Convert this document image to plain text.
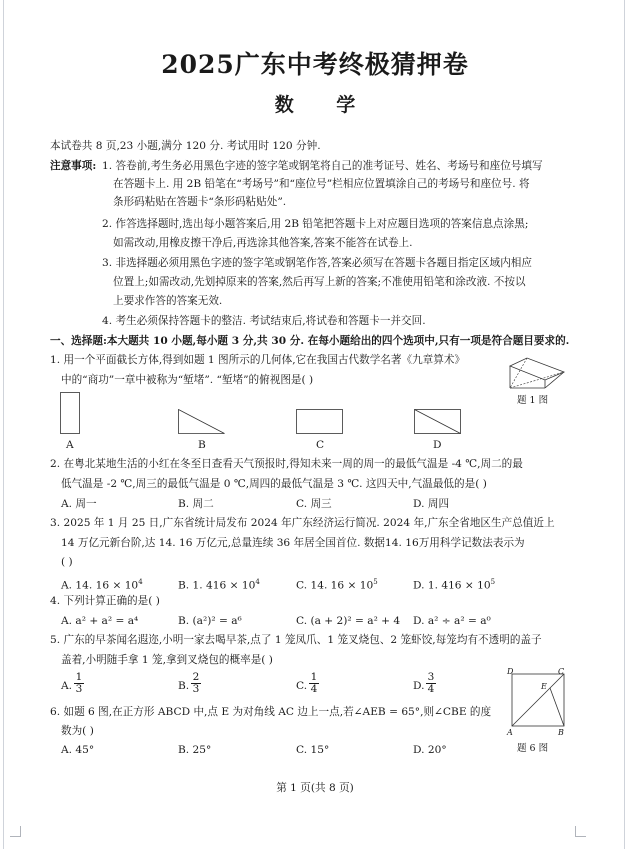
2025广东中考终极猜押卷
数 学
本试卷共 8 页,23 小题,满分 120 分. 考试用时 120 分钟.
注意事项: 1. 答卷前,考生务必用黑色字迹的签字笔或钢笔将自己的准考证号、姓名、考场号和座位号填写
在答题卡上. 用 2B 铅笔在“考场号”和“座位号”栏相应位置填涂自己的考场号和座位号. 将
条形码粘贴在答题卡“条形码粘贴处”.
2. 作答选择题时,选出每小题答案后,用 2B 铅笔把答题卡上对应题目选项的答案信息点涂黑;
如需改动,用橡皮擦干净后,再选涂其他答案,答案不能答在试卷上.
3. 非选择题必须用黑色字迹的签字笔或钢笔作答,答案必须写在答题卡各题目指定区域内相应
位置上;如需改动,先划掉原来的答案,然后再写上新的答案;不准使用铅笔和涂改液. 不按以
上要求作答的答案无效.
4. 考生必须保持答题卡的整洁. 考试结束后,将试卷和答题卡一并交回.
一、选择题:本大题共 10 小题,每小题 3 分,共 30 分. 在每小题给出的四个选项中,只有一项是符合题目要求的.
1. 用一个平面截长方体,得到如题 1 图所示的几何体,它在我国古代数学名著《九章算术》
中的“商功”一章中被称为“堑堵”. “堑堵”的俯视图是( )
题 1 图
A	B	C	D
2. 在粤北某地生活的小红在冬至日查看天气预报时,得知未来一周的周一的最低气温是 -4 ℃,周二的最
低气温是 -2 ℃,周三的最低气温是 0 ℃,周四的最低气温是 3 ℃. 这四天中,气温最低的是( )
A. 周一	B. 周二	C. 周三	D. 周四
3. 2025 年 1 月 25 日,广东省统计局发布 2024 年广东经济运行简况. 2024 年,广东全省地区生产总值近上
14 万亿元新台阶,达 14. 16 万亿元,总量连续 36 年居全国首位. 数据14. 16万用科学记数法表示为
( )
A. 14. $16 \times 10^4$	B. 1. $416 \times 10^4$	C. 14. $16 \times 10^5$	D. 1. $416 \times 10^5$
4. 下列计算正确的是( )
A. a² + a² = a⁴	B. (a²)² = a⁶	C. (a + 2)² = a² + 4 D. a² ÷ a² = a⁰
5. 广东的早茶闻名遐迩,小明一家去喝早茶,点了 1 笼凤爪、1 笼叉烧包、2 笼虾饺,每笼均有不透明的盖子
盖着,小明随手拿 1 笼,拿到叉烧包的概率是( )
A.
1
3	B.
2
3	C.
1
4	D.
3
4
D	C
E
A	B
题 6 图
6. 如题 6 图,在正方形 ABCD 中,点 E 为对角线 AC 边上一点,若∠AEB = 65°,则∠CBE 的度
数为( )
A. 45°	B. 25°	C. 15°	D. 20°
第 1 页(共 8 页)
